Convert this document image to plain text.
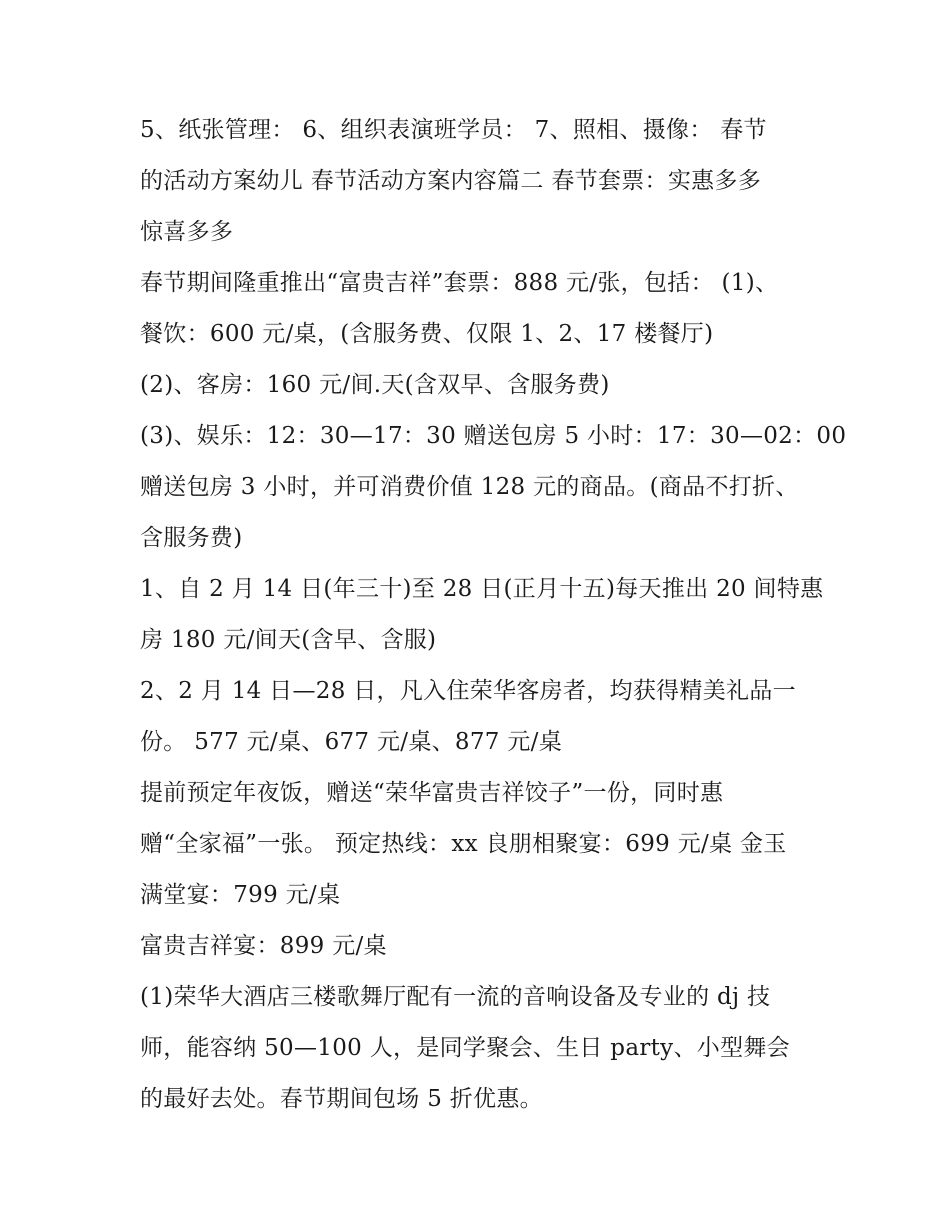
5、纸张管理： 6、组织表演班学员： 7、照相、摄像： 春节
的活动方案幼儿 春节活动方案内容篇二 春节套票：实惠多多
惊喜多多
春节期间隆重推出“富贵吉祥”套票：888 元/张，包括： (1)、
餐饮：600 元/桌，(含服务费、仅限 1、2、17 楼餐厅)
(2)、客房：160 元/间.天(含双早、含服务费)
(3)、娱乐：12：30—17：30 赠送包房 5 小时：17：30—02：00
赠送包房 3 小时，并可消费价值 128 元的商品。(商品不打折、
含服务费)
1、自 2 月 14 日(年三十)至 28 日(正月十五)每天推出 20 间特惠
房 180 元/间天(含早、含服)
2、2 月 14 日—28 日，凡入住荣华客房者，均获得精美礼品一
份。 577 元/桌、677 元/桌、877 元/桌
提前预定年夜饭，赠送“荣华富贵吉祥饺子”一份，同时惠
赠“全家福”一张。 预定热线：xx 良朋相聚宴：699 元/桌 金玉
满堂宴：799 元/桌
富贵吉祥宴：899 元/桌
(1)荣华大酒店三楼歌舞厅配有一流的音响设备及专业的 dj 技
师，能容纳 50—100 人，是同学聚会、生日 party、小型舞会
的最好去处。春节期间包场 5 折优惠。
